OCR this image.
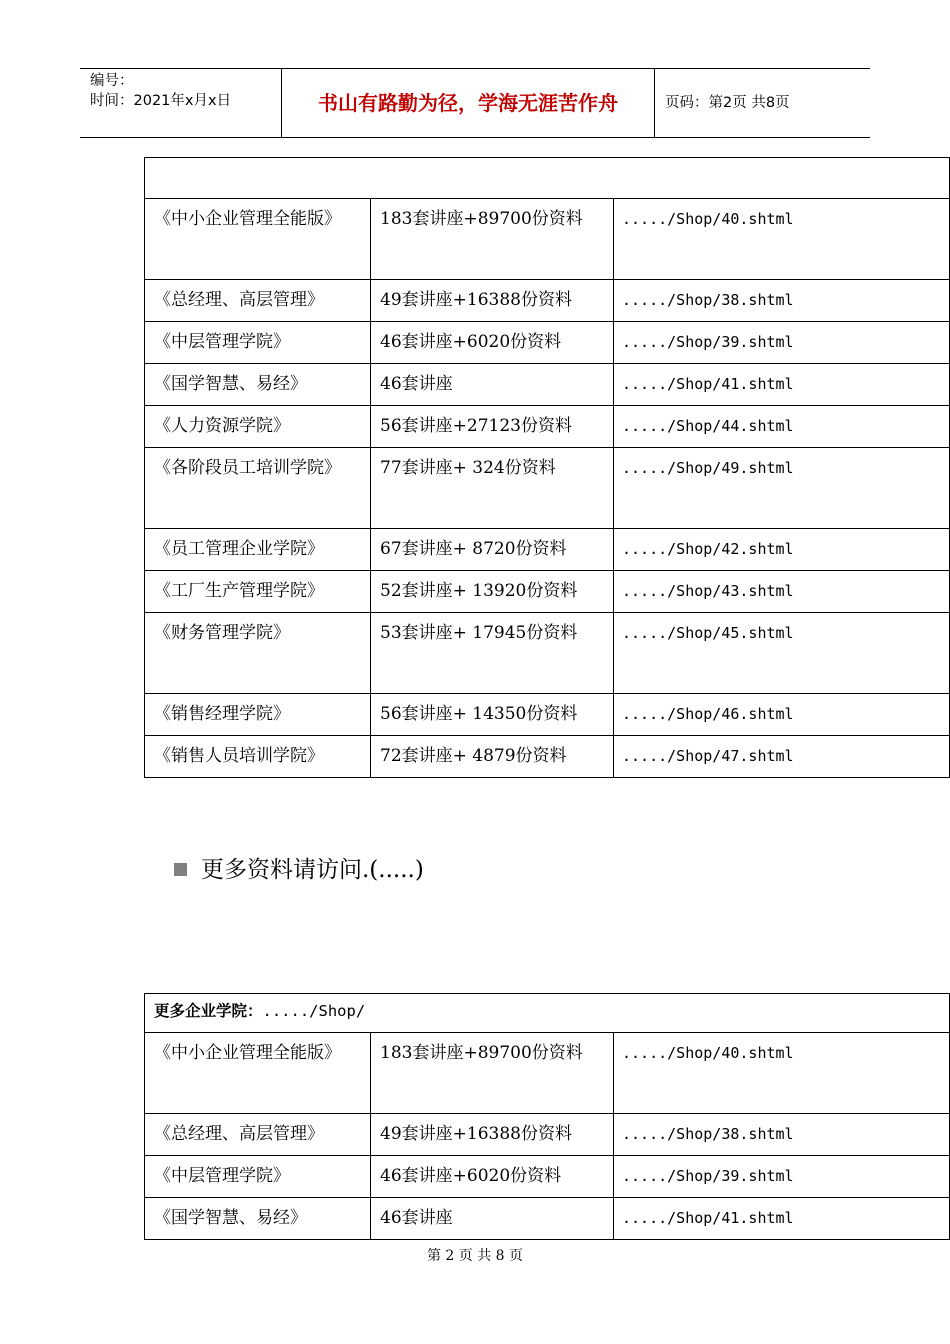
编号：
时间：2021年x月x日	书山有路勤为径，学海无涯苦作舟	页码：第2页 共8页

《中小企业管理全能版》	183套讲座+89700份资料	...../Shop/40.shtml
《总经理、高层管理》	49套讲座+16388份资料	...../Shop/38.shtml
《中层管理学院》	46套讲座+6020份资料	...../Shop/39.shtml
《国学智慧、易经》	46套讲座	...../Shop/41.shtml
《人力资源学院》	56套讲座+27123份资料	...../Shop/44.shtml
《各阶段员工培训学院》	77套讲座+ 324份资料	...../Shop/49.shtml
《员工管理企业学院》	67套讲座+ 8720份资料	...../Shop/42.shtml
《工厂生产管理学院》	52套讲座+ 13920份资料	...../Shop/43.shtml
《财务管理学院》	53套讲座+ 17945份资料	...../Shop/45.shtml
《销售经理学院》	56套讲座+ 14350份资料	...../Shop/46.shtml
《销售人员培训学院》	72套讲座+ 4879份资料	...../Shop/47.shtml
更多资料请访问.(.....)
更多企业学院：...../Shop/		
《中小企业管理全能版》	183套讲座+89700份资料	...../Shop/40.shtml
《总经理、高层管理》	49套讲座+16388份资料	...../Shop/38.shtml
《中层管理学院》	46套讲座+6020份资料	...../Shop/39.shtml
《国学智慧、易经》	46套讲座	...../Shop/41.shtml
第 2 页 共 8 页
